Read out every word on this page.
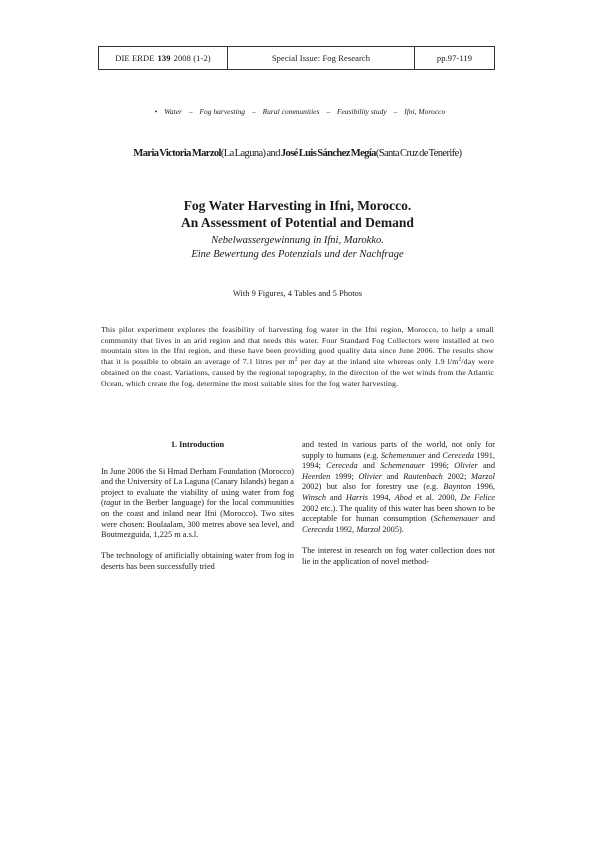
DIE ERDE 139 2008 (1-2)	Special Issue: Fog Research	pp.97-119
• Water – Fog harvesting – Rural communities – Feasibility study – Ifni, Morocco
Maria Victoria Marzol(La Laguna) and José Luis Sánchez Megía(Santa Cruz de Tenerife)
Fog Water Harvesting in Ifni, Morocco.
An Assessment of Potential and Demand
Nebelwassergewinnung in Ifni, Marokko.
Eine Bewertung des Potenzials und der Nachfrage
With 9 Figures, 4 Tables and 5 Photos
This pilot experiment explores the feasibility of harvesting fog water in the Ifni region, Morocco, to help a small community that lives in an arid region and that needs this water. Four Standard Fog Collectors were installed at two mountain sites in the Ifni region, and these have been providing good quality data since June 2006. The results show that it is possible to obtain an average of 7.1 litres per $m^2$ per day at the inland site whereas only 1.9 $l/m^2$/day were obtained on the coast. Variations, caused by the regional topography, in the direction of the wet winds from the Atlantic Ocean, which create the fog, determine the most suitable sites for the fog water harvesting.
1. Introduction

In June 2006 the Si Hmad Derham Foundation (Morocco) and the University of La Laguna (Canary Islands) began a project to evaluate the viability of using water from fog (tagut in the Berber language) for the local communities on the coast and inland near Ifni (Morocco). Two sites were chosen: Boulaalam, 300 metres above sea level, and Boutmezguida, 1,225 m a.s.l.

The technology of artificially obtaining water from fog in deserts has been successfully tried

and tested in various parts of the world, not only for supply to humans (e.g. Schemenauer and Cereceda 1991, 1994; Cereceda and Schemenauer 1996; Olivier and Heerden 1999; Olivier and Rautenbach 2002; Marzol 2002) but also for forestry use (e.g. Baynton 1996, Winsch and Harris 1994, Abod et al. 2000, De Felice 2002 etc.). The quality of this water has been shown to be acceptable for human consumption (Schemenauer and Cereceda 1992, Marzol 2005).

The interest in research on fog water collection does not lie in the application of novel method-
